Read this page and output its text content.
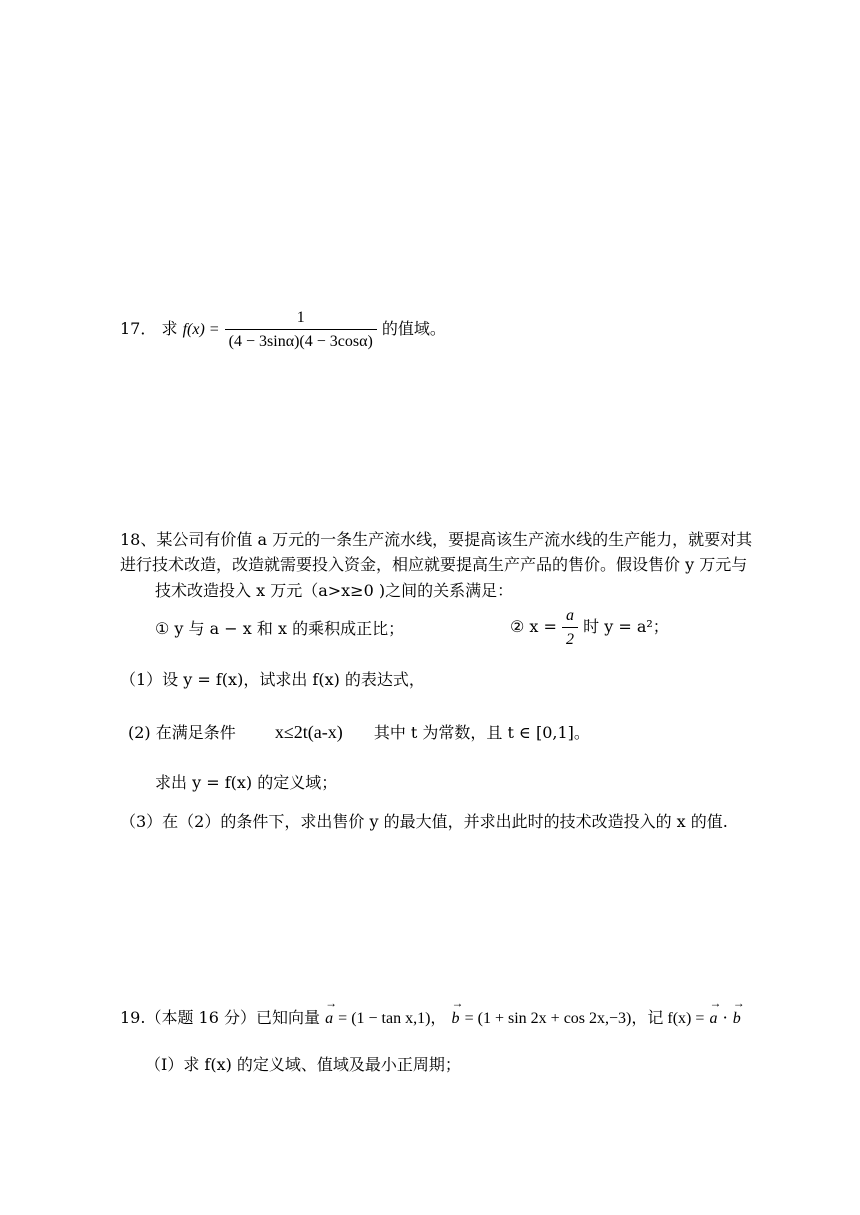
17． 求 $f(x) = \frac{1}{(4 - 3\sin\alpha)(4 - 3\cos\alpha)}$ 的值域。
18、某公司有价值 a 万元的一条生产流水线，要提高该生产流水线的生产能力，就要对其
进行技术改造，改造就需要投入资金，相应就要提高生产产品的售价。假设售价 y 万元与
技术改造投入 x 万元（a>x≥0 )之间的关系满足：
① y 与 a − x 和 x 的乘积成正比；	② $x = \frac{a}{2}$ 时 y = a²；
（1）设 y = f(x)，试求出 f(x) 的表达式，
(2) 在满足条件 x≤2t(a-x) 其中 t 为常数，且 t ∈ [0,1]。
求出 y = f(x) 的定义域；
（3）在（2）的条件下，求出售价 y 的最大值，并求出此时的技术改造投入的 x 的值.
19.（本题 16 分）已知向量 → a = (1 − tan x,1)， → b = (1 + sin 2x + cos 2x,−3)，记 f(x) = → a · → b
（Ⅰ）求 f(x) 的定义域、值域及最小正周期；
